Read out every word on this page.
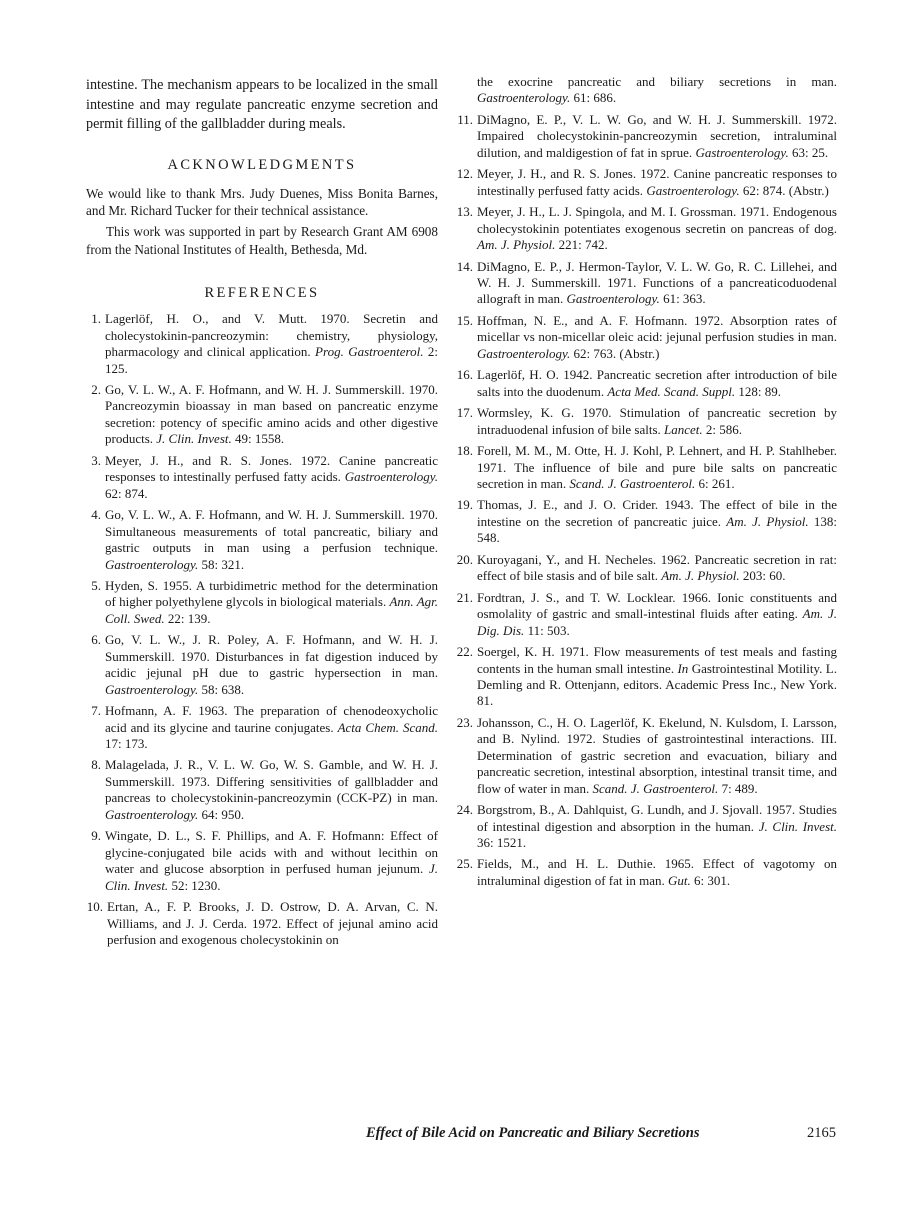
intestine. The mechanism appears to be localized in the small intestine and may regulate pancreatic enzyme secretion and permit filling of the gallbladder during meals.

ACKNOWLEDGMENTS

We would like to thank Mrs. Judy Duenes, Miss Bonita Barnes, and Mr. Richard Tucker for their technical assistance.

This work was supported in part by Research Grant AM 6908 from the National Institutes of Health, Bethesda, Md.

REFERENCES
1. Lagerlöf, H. O., and V. Mutt. 1970. Secretin and cholecystokinin-pancreozymin: chemistry, physiology, pharmacology and clinical application. Prog. Gastroenterol. 2: 125.
2. Go, V. L. W., A. F. Hofmann, and W. H. J. Summerskill. 1970. Pancreozymin bioassay in man based on pancreatic enzyme secretion: potency of specific amino acids and other digestive products. J. Clin. Invest. 49: 1558.
3. Meyer, J. H., and R. S. Jones. 1972. Canine pancreatic responses to intestinally perfused fatty acids. Gastroenterology. 62: 874.
4. Go, V. L. W., A. F. Hofmann, and W. H. J. Summerskill. 1970. Simultaneous measurements of total pancreatic, biliary and gastric outputs in man using a perfusion technique. Gastroenterology. 58: 321.
5. Hyden, S. 1955. A turbidimetric method for the determination of higher polyethylene glycols in biological materials. Ann. Agr. Coll. Swed. 22: 139.
6. Go, V. L. W., J. R. Poley, A. F. Hofmann, and W. H. J. Summerskill. 1970. Disturbances in fat digestion induced by acidic jejunal pH due to gastric hypersection in man. Gastroenterology. 58: 638.
7. Hofmann, A. F. 1963. The preparation of chenodeoxycholic acid and its glycine and taurine conjugates. Acta Chem. Scand. 17: 173.
8. Malagelada, J. R., V. L. W. Go, W. S. Gamble, and W. H. J. Summerskill. 1973. Differing sensitivities of gallbladder and pancreas to cholecystokinin-pancreozymin (CCK-PZ) in man. Gastroenterology. 64: 950.
9. Wingate, D. L., S. F. Phillips, and A. F. Hofmann: Effect of glycine-conjugated bile acids with and without lecithin on water and glucose absorption in perfused human jejunum. J. Clin. Invest. 52: 1230.
10. Ertan, A., F. P. Brooks, J. D. Ostrow, D. A. Arvan, C. N. Williams, and J. J. Cerda. 1972. Effect of jejunal amino acid perfusion and exogenous cholecystokinin on
the exocrine pancreatic and biliary secretions in man. Gastroenterology. 61: 686.
11. DiMagno, E. P., V. L. W. Go, and W. H. J. Summerskill. 1972. Impaired cholecystokinin-pancreozymin secretion, intraluminal dilution, and maldigestion of fat in sprue. Gastroenterology. 63: 25.
12. Meyer, J. H., and R. S. Jones. 1972. Canine pancreatic responses to intestinally perfused fatty acids. Gastroenterology. 62: 874. (Abstr.)
13. Meyer, J. H., L. J. Spingola, and M. I. Grossman. 1971. Endogenous cholecystokinin potentiates exogenous secretin on pancreas of dog. Am. J. Physiol. 221: 742.
14. DiMagno, E. P., J. Hermon-Taylor, V. L. W. Go, R. C. Lillehei, and W. H. J. Summerskill. 1971. Functions of a pancreaticoduodenal allograft in man. Gastroenterology. 61: 363.
15. Hoffman, N. E., and A. F. Hofmann. 1972. Absorption rates of micellar vs non-micellar oleic acid: jejunal perfusion studies in man. Gastroenterology. 62: 763. (Abstr.)
16. Lagerlöf, H. O. 1942. Pancreatic secretion after introduction of bile salts into the duodenum. Acta Med. Scand. Suppl. 128: 89.
17. Wormsley, K. G. 1970. Stimulation of pancreatic secretion by intraduodenal infusion of bile salts. Lancet. 2: 586.
18. Forell, M. M., M. Otte, H. J. Kohl, P. Lehnert, and H. P. Stahlheber. 1971. The influence of bile and pure bile salts on pancreatic secretion in man. Scand. J. Gastroenterol. 6: 261.
19. Thomas, J. E., and J. O. Crider. 1943. The effect of bile in the intestine on the secretion of pancreatic juice. Am. J. Physiol. 138: 548.
20. Kuroyagani, Y., and H. Necheles. 1962. Pancreatic secretion in rat: effect of bile stasis and of bile salt. Am. J. Physiol. 203: 60.
21. Fordtran, J. S., and T. W. Locklear. 1966. Ionic constituents and osmolality of gastric and small-intestinal fluids after eating. Am. J. Dig. Dis. 11: 503.
22. Soergel, K. H. 1971. Flow measurements of test meals and fasting contents in the human small intestine. In Gastrointestinal Motility. L. Demling and R. Ottenjann, editors. Academic Press Inc., New York. 81.
23. Johansson, C., H. O. Lagerlöf, K. Ekelund, N. Kulsdom, I. Larsson, and B. Nylind. 1972. Studies of gastrointestinal interactions. III. Determination of gastric secretion and evacuation, biliary and pancreatic secretion, intestinal absorption, intestinal transit time, and flow of water in man. Scand. J. Gastroenterol. 7: 489.
24. Borgstrom, B., A. Dahlquist, G. Lundh, and J. Sjovall. 1957. Studies of intestinal digestion and absorption in the human. J. Clin. Invest. 36: 1521.
25. Fields, M., and H. L. Duthie. 1965. Effect of vagotomy on intraluminal digestion of fat in man. Gut. 6: 301.
Effect of Bile Acid on Pancreatic and Biliary Secretions	2165
